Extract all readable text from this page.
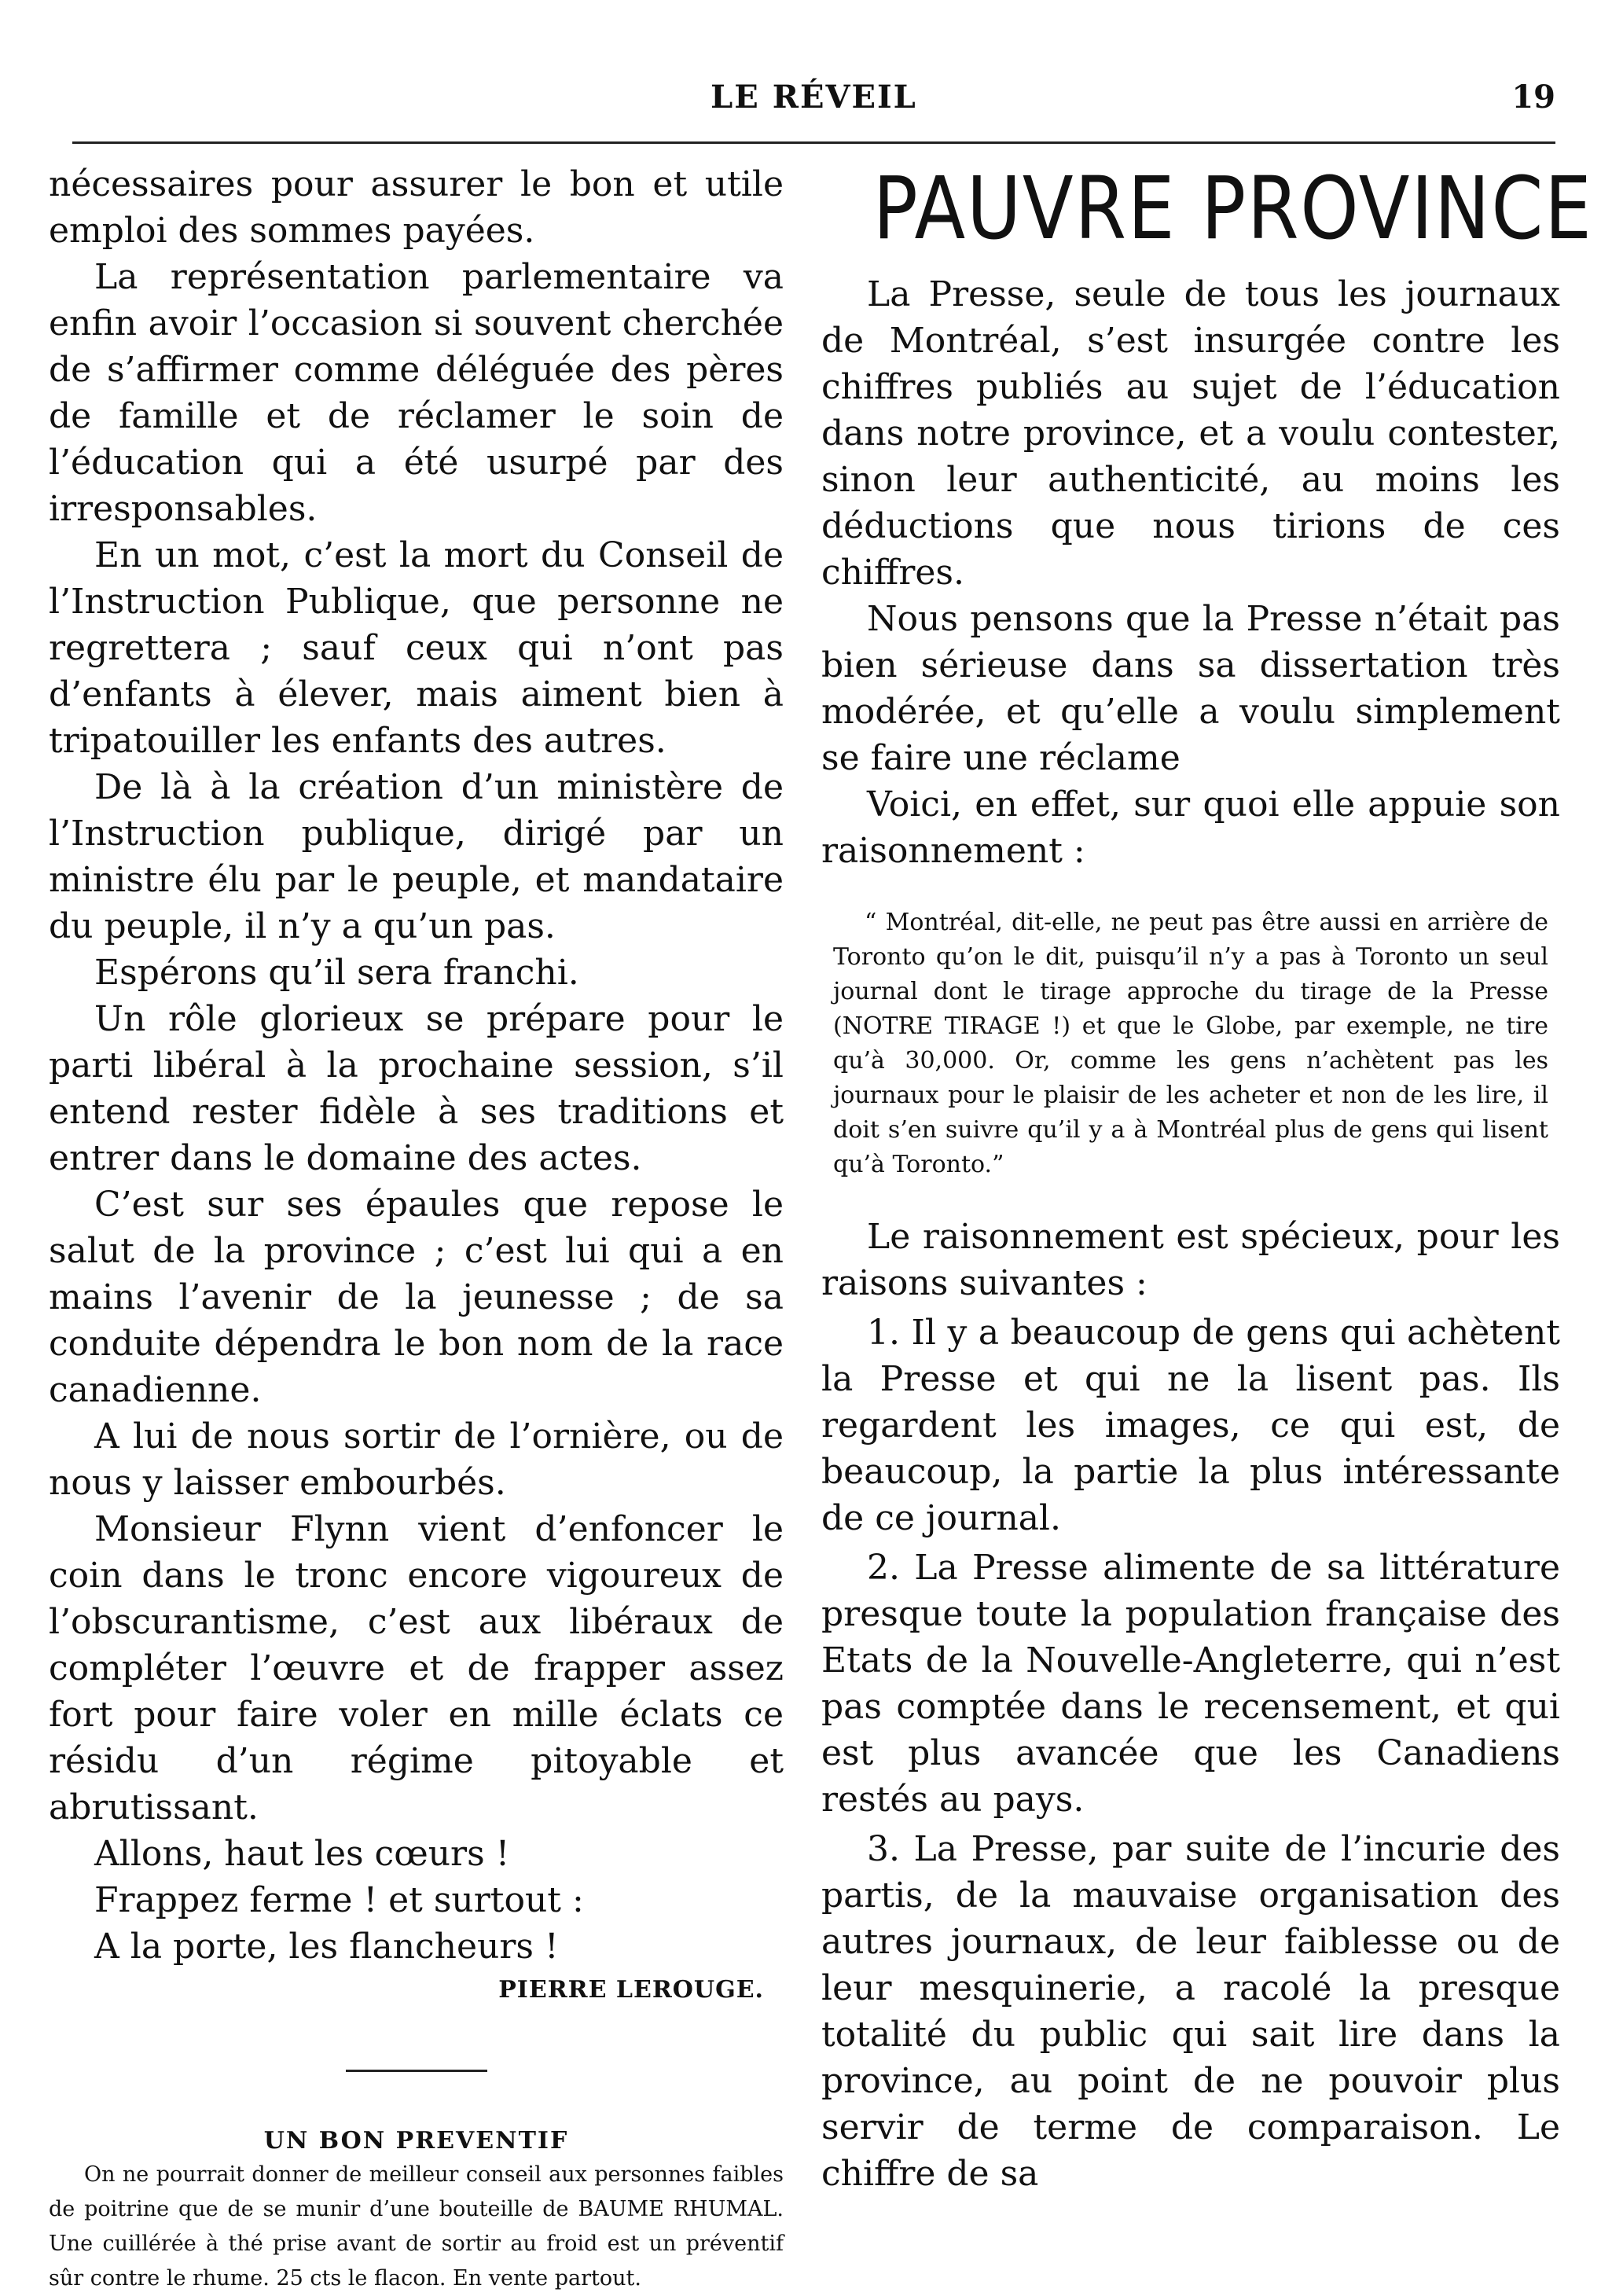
LE RÉVEIL	19

nécessaires pour assurer le bon et utile emploi des sommes payées.

La représentation parlementaire va enfin avoir l’occasion si souvent cherchée de s’affirmer comme déléguée des pères de famille et de réclamer le soin de l’éducation qui a été usurpé par des irresponsables.

En un mot, c’est la mort du Conseil de l’Instruction Publique, que personne ne regrettera ; sauf ceux qui n’ont pas d’enfants à élever, mais aiment bien à tripatouiller les enfants des autres.

De là à la création d’un ministère de l’Instruction publique, dirigé par un ministre élu par le peuple, et mandataire du peuple, il n’y a qu’un pas.

Espérons qu’il sera franchi.

Un rôle glorieux se prépare pour le parti libéral à la prochaine session, s’il entend rester fidèle à ses traditions et entrer dans le domaine des actes.

C’est sur ses épaules que repose le salut de la province ; c’est lui qui a en mains l’avenir de la jeunesse ; de sa conduite dépendra le bon nom de la race canadienne.

A lui de nous sortir de l’ornière, ou de nous y laisser embourbés.

Monsieur Flynn vient d’enfoncer le coin dans le tronc encore vigoureux de l’obscurantisme, c’est aux libéraux de compléter l’œuvre et de frapper assez fort pour faire voler en mille éclats ce résidu d’un régime pitoyable et abrutissant.

Allons, haut les cœurs !

Frappez ferme ! et surtout :

A la porte, les flancheurs !

PIERRE LEROUGE.
UN BON PREVENTIF

On ne pourrait donner de meilleur conseil aux personnes faibles de poitrine que de se munir d’une bouteille de BAUME RHUMAL. Une cuillérée à thé prise avant de sortir au froid est un préventif sûr contre le rhume. 25 cts le flacon. En vente partout.

PAUVRE PROVINCE

La Presse, seule de tous les journaux de Montréal, s’est insurgée contre les chiffres publiés au sujet de l’éducation dans notre province, et a voulu contester, sinon leur authenticité, au moins les déductions que nous tirions de ces chiffres.

Nous pensons que la Presse n’était pas bien sérieuse dans sa dissertation très modérée, et qu’elle a voulu simplement se faire une réclame

Voici, en effet, sur quoi elle appuie son raisonnement :

“ Montréal, dit-elle, ne peut pas être aussi en arrière de Toronto qu’on le dit, puisqu’il n’y a pas à Toronto un seul journal dont le tirage approche du tirage de la Presse (NOTRE TIRAGE !) et que le Globe, par exemple, ne tire qu’à 30,000. Or, comme les gens n’achètent pas les journaux pour le plaisir de les acheter et non de les lire, il doit s’en suivre qu’il y a à Montréal plus de gens qui lisent qu’à Toronto.”

Le raisonnement est spécieux, pour les raisons suivantes :

1. Il y a beaucoup de gens qui achètent la Presse et qui ne la lisent pas. Ils regardent les images, ce qui est, de beaucoup, la partie la plus intéressante de ce journal.

2. La Presse alimente de sa littérature presque toute la population française des Etats de la Nouvelle-Angleterre, qui n’est pas comptée dans le recensement, et qui est plus avancée que les Canadiens restés au pays.

3. La Presse, par suite de l’incurie des partis, de la mauvaise organisation des autres journaux, de leur faiblesse ou de leur mesquinerie, a racolé la presque totalité du public qui sait lire dans la province, au point de ne pouvoir plus servir de terme de comparaison. Le chiffre de sa
